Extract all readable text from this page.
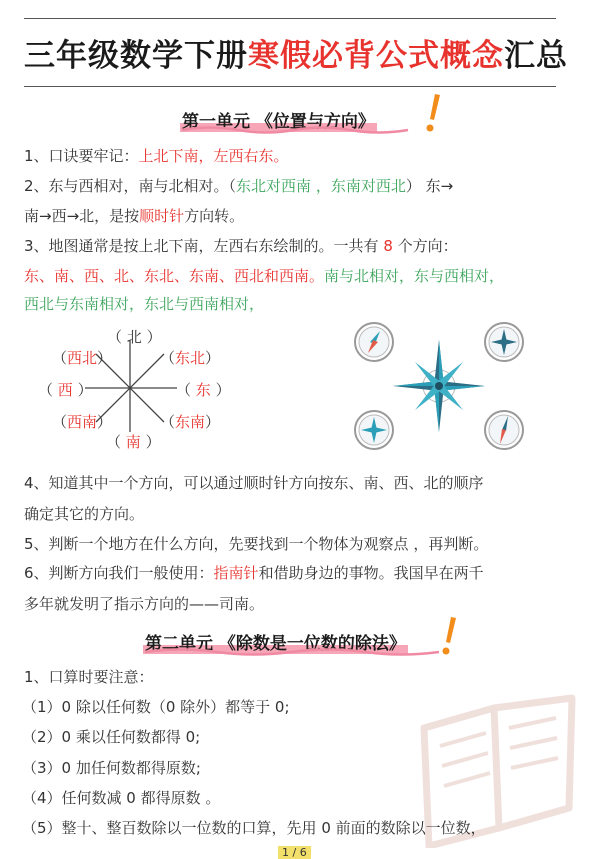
三年级数学下册寒假必背公式概念汇总
第一单元 《位置与方向》
1、口诀要牢记：上北下南，左西右东。
2、东与西相对，南与北相对。（东北对西南 ，东南对西北） 东→
南→西→北，是按顺时针方向转。
3、地图通常是按上北下南，左西右东绘制的。一共有 8 个方向：
东、南、西、北、东北、东南、西北和西南。南与北相对，东与西相对，
西北与东南相对，东北与西南相对，
（ 北 ）
（ 南 ）
（ 西 ）	（ 东 ）
（西北）	（东北）
（西南）	（东南）
4、知道其中一个方向，可以通过顺时针方向按东、南、西、北的顺序
确定其它的方向。
5、判断一个地方在什么方向，先要找到一个物体为观察点 ，再判断。
6、判断方向我们一般使用：指南针和借助身边的事物。我国早在两千
多年就发明了指示方向的——司南。
第二单元 《除数是一位数的除法》
1、口算时要注意：
（1）0 除以任何数（0 除外）都等于 0;
（2）0 乘以任何数都得 0;
（3）0 加任何数都得原数;
（4）任何数减 0 都得原数 。
（5）整十、整百数除以一位数的口算，先用 0 前面的数除以一位数，
1 / 6
